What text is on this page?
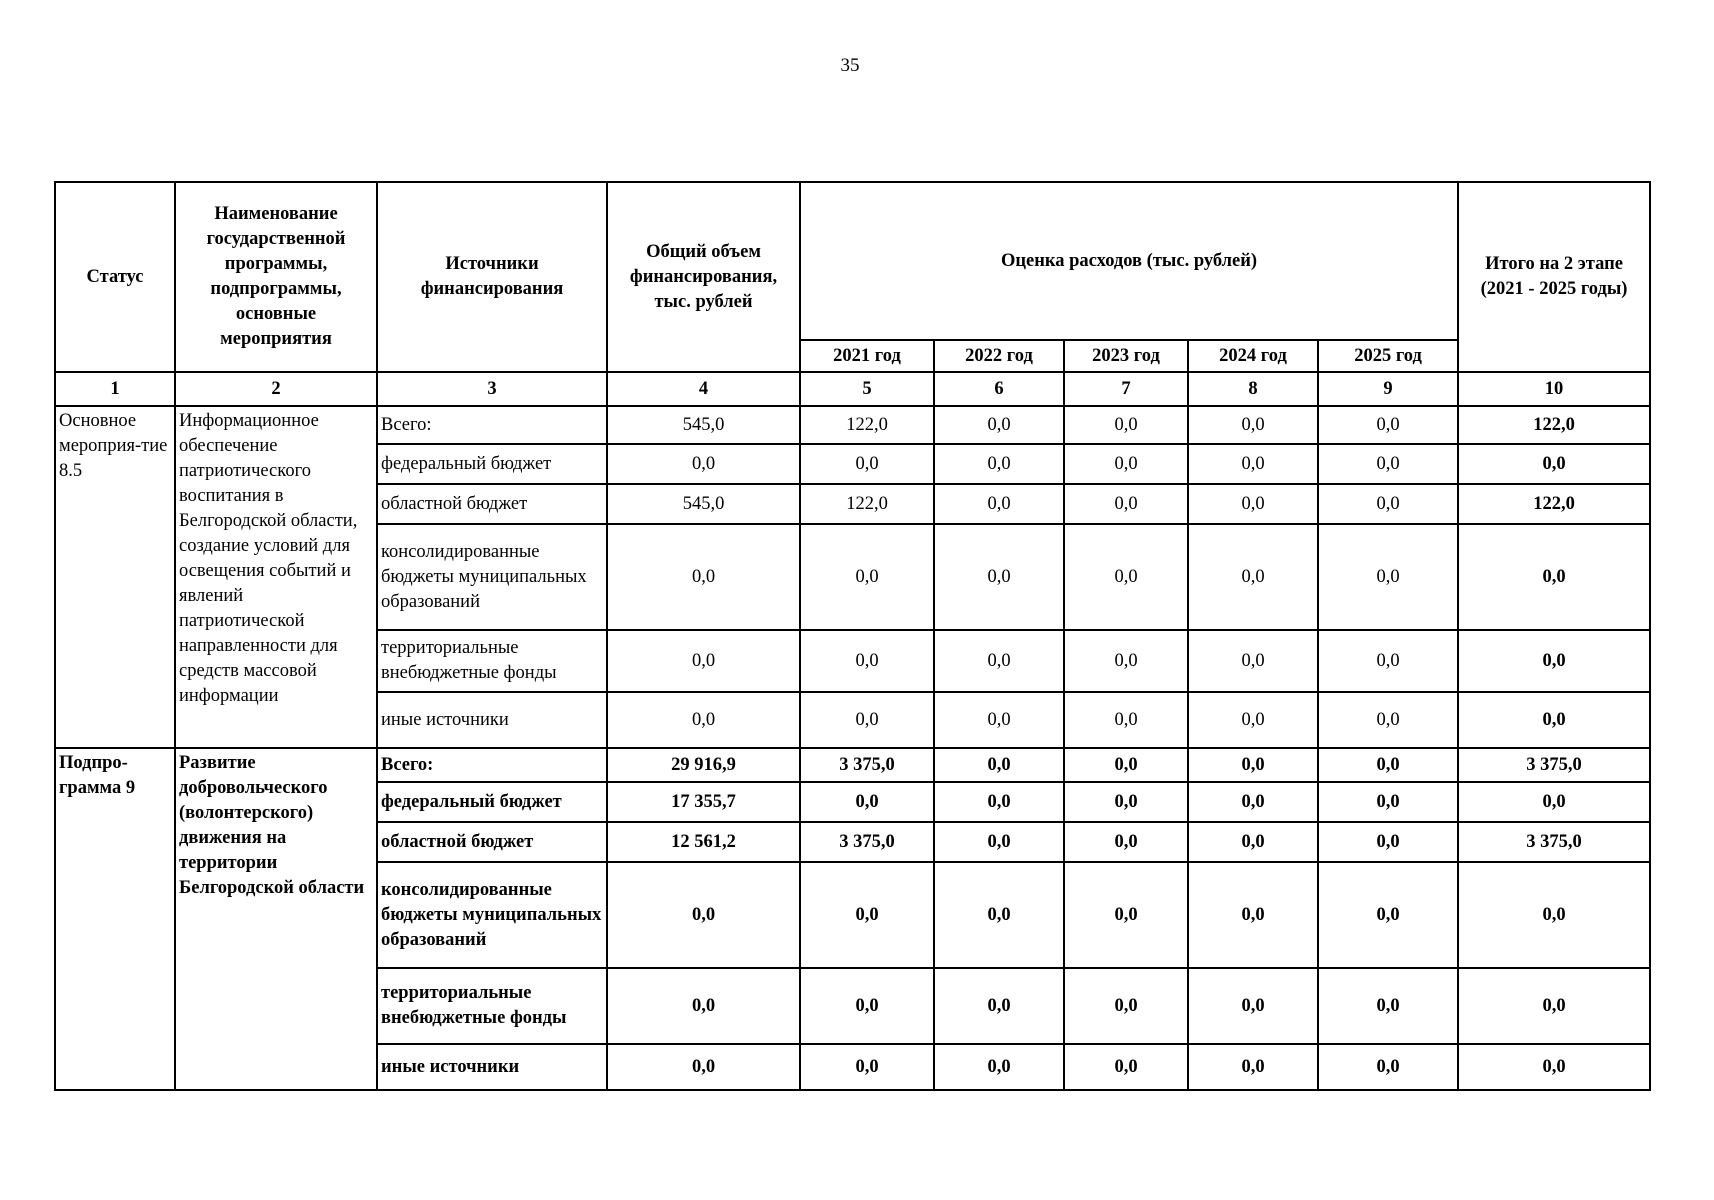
35
Статус	Наименование государственной программы, подпрограммы, основные мероприятия	Источники финансирования	Общий объем финансирования, тыс. рублей	Оценка расходов (тыс. рублей)					Итого на 2 этапе (2021 - 2025 годы)
				2021 год	2022 год	2023 год	2024 год	2025 год	
1	2	3	4	5	6	7	8	9	10
Основное мероприя-тие 8.5	Информационное обеспечение патриотического воспитания в Белгородской области, создание условий для освещения событий и явлений патриотической направленности для средств массовой информации	Всего:	545,0	122,0	0,0	0,0	0,0	0,0	122,0
		федеральный бюджет	0,0	0,0	0,0	0,0	0,0	0,0	0,0
		областной бюджет	545,0	122,0	0,0	0,0	0,0	0,0	122,0
		консолидированные бюджеты муниципальных образований	0,0	0,0	0,0	0,0	0,0	0,0	0,0
		территориальные внебюджетные фонды	0,0	0,0	0,0	0,0	0,0	0,0	0,0
		иные источники	0,0	0,0	0,0	0,0	0,0	0,0	0,0
Подпро-грамма 9	Развитие добровольческого (волонтерского) движения на территории Белгородской области	Всего:	29 916,9	3 375,0	0,0	0,0	0,0	0,0	3 375,0
		федеральный бюджет	17 355,7	0,0	0,0	0,0	0,0	0,0	0,0
		областной бюджет	12 561,2	3 375,0	0,0	0,0	0,0	0,0	3 375,0
		консолидированные бюджеты муниципальных образований	0,0	0,0	0,0	0,0	0,0	0,0	0,0
		территориальные внебюджетные фонды	0,0	0,0	0,0	0,0	0,0	0,0	0,0
		иные источники	0,0	0,0	0,0	0,0	0,0	0,0	0,0
